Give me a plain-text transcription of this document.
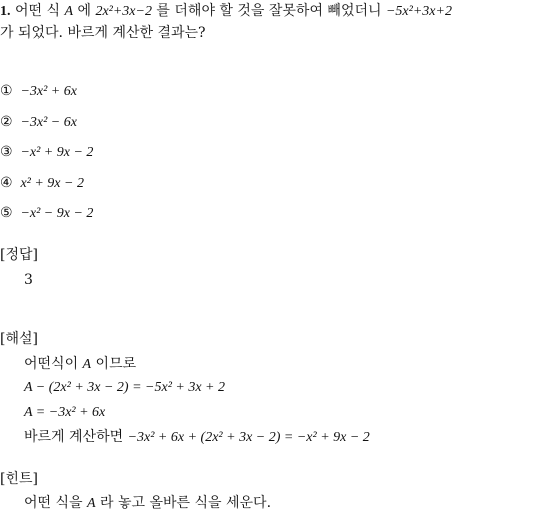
1. 어떤 식 A 에 2x²+3x−2 를 더해야 할 것을 잘못하여 빼었더니 −5x²+3x+2
가 되었다. 바르게 계산한 결과는?
① −3x² + 6x
② −3x² − 6x
③ −x² + 9x − 2
④ x² + 9x − 2
⑤ −x² − 9x − 2
[정답]
3
[해설]
어떤식이 A 이므로
A − (2x² + 3x − 2) = −5x² + 3x + 2
A = −3x² + 6x
바르게 계산하면 −3x² + 6x + (2x² + 3x − 2) = −x² + 9x − 2
[힌트]
어떤 식을 A 라 놓고 올바른 식을 세운다.
